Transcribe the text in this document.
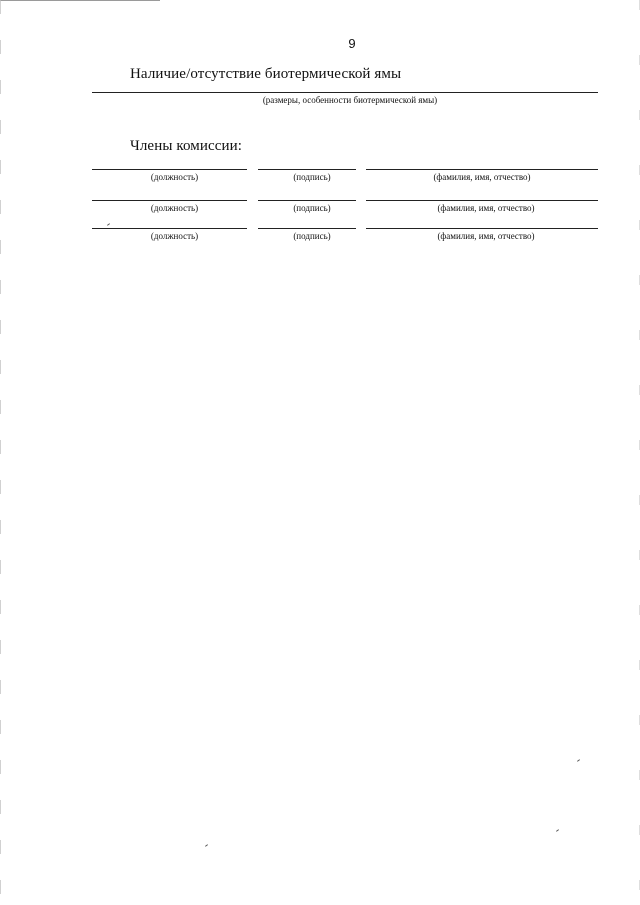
9
Наличие/отсутствие биотермической ямы
(размеры, особенности биотермической ямы)
Члены комиссии:
(должность)	(подпись)	(фамилия, имя, отчество)
(должность)	(подпись)	(фамилия, имя, отчество)
(должность)	(подпись)	(фамилия, имя, отчество)
